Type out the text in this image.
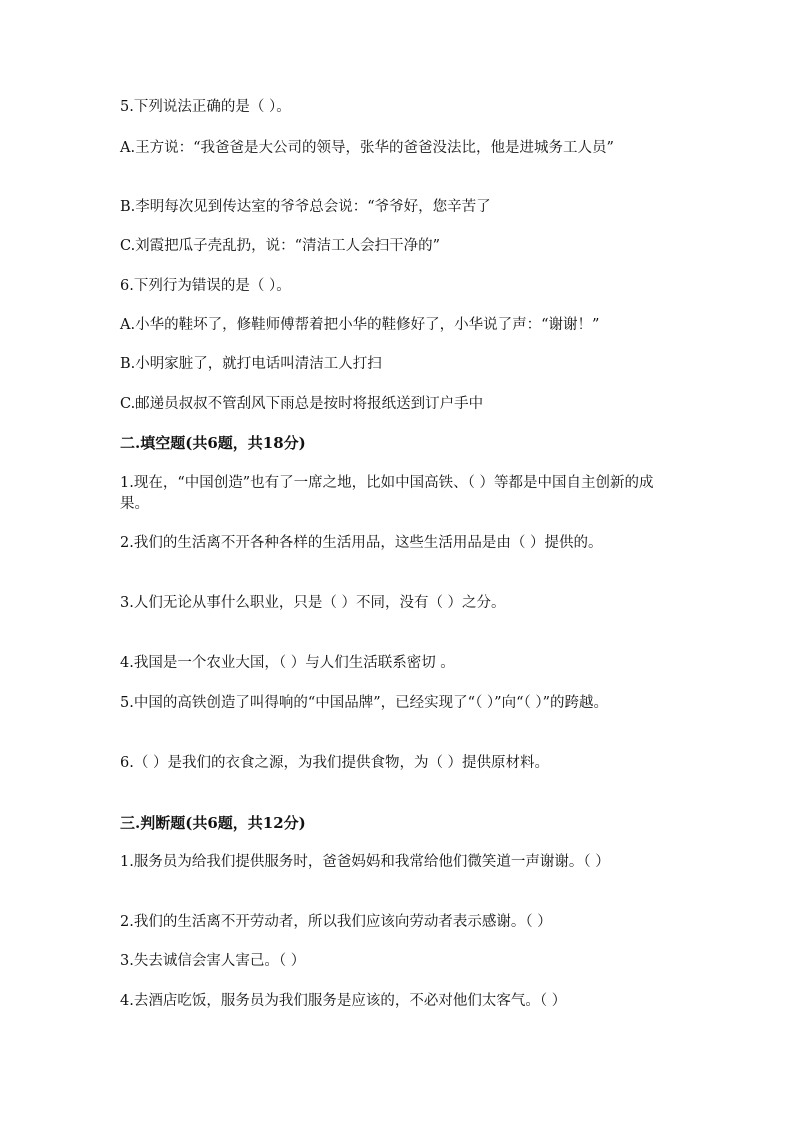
5.下列说法正确的是（ ）。
A.王方说：“我爸爸是大公司的领导，张华的爸爸没法比，他是进城务工人员”
B.李明每次见到传达室的爷爷总会说：“爷爷好，您辛苦了
C.刘霞把瓜子壳乱扔，说：“清洁工人会扫干净的”
6.下列行为错误的是（ ）。
A.小华的鞋坏了，修鞋师傅帮着把小华的鞋修好了，小华说了声：“谢谢！”
B.小明家脏了，就打电话叫清洁工人打扫
C.邮递员叔叔不管刮风下雨总是按时将报纸送到订户手中
二.填空题(共6题，共18分)
1.现在，“中国创造”也有了一席之地，比如中国高铁、（ ）等都是中国自主创新的成果。
2.我们的生活离不开各种各样的生活用品，这些生活用品是由（ ）提供的。
3.人们无论从事什么职业，只是（ ）不同，没有（ ）之分。
4.我国是一个农业大国，（ ）与人们生活联系密切 。
5.中国的高铁创造了叫得响的“中国品牌”，已经实现了“（ ）”向“（ ）”的跨越。
6.（ ）是我们的衣食之源，为我们提供食物，为（ ）提供原材料。
三.判断题(共6题，共12分)
1.服务员为给我们提供服务时，爸爸妈妈和我常给他们微笑道一声谢谢。（ ）
2.我们的生活离不开劳动者，所以我们应该向劳动者表示感谢。（ ）
3.失去诚信会害人害己。（ ）
4.去酒店吃饭，服务员为我们服务是应该的，不必对他们太客气。（ ）
